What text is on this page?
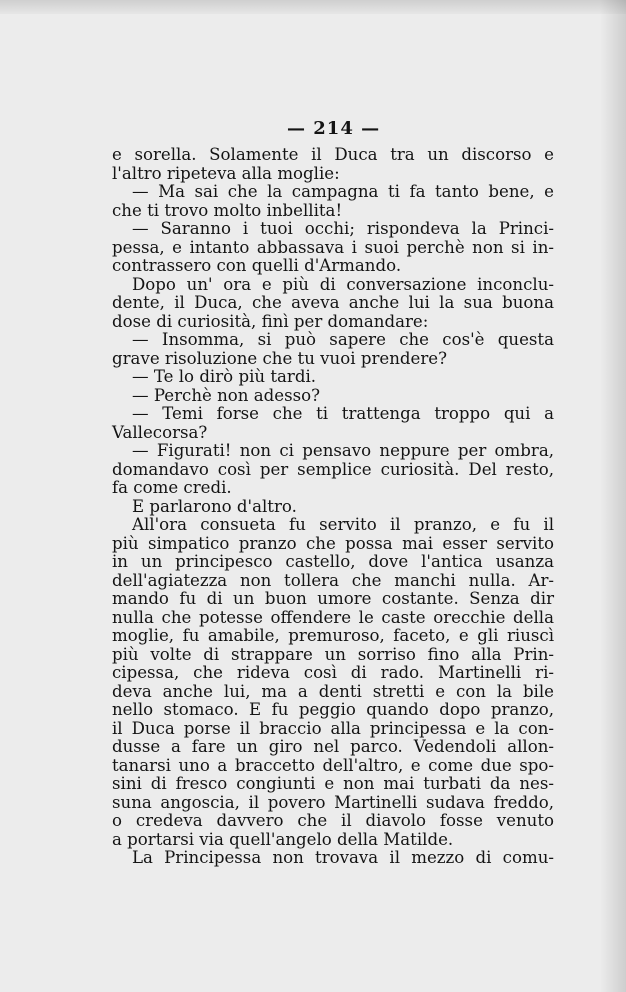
— 214 —
e sorella. Solamente il Duca tra un discorso e
l'altro ripeteva alla moglie:
— Ma sai che la campagna ti fa tanto bene, e
che ti trovo molto inbellita!
— Saranno i tuoi occhi; rispondeva la Princi-
pessa, e intanto abbassava i suoi perchè non si in-
contrassero con quelli d'Armando.
Dopo un' ora e più di conversazione inconclu-
dente, il Duca, che aveva anche lui la sua buona
dose di curiosità, finì per domandare:
— Insomma, si può sapere che cos'è questa
grave risoluzione che tu vuoi prendere?
— Te lo dirò più tardi.
— Perchè non adesso?
— Temi forse che ti trattenga troppo qui a
Vallecorsa?
— Figurati! non ci pensavo neppure per ombra,
domandavo così per semplice curiosità. Del resto,
fa come credi.
E parlarono d'altro.
All'ora consueta fu servito il pranzo, e fu il
più simpatico pranzo che possa mai esser servito
in un principesco castello, dove l'antica usanza
dell'agiatezza non tollera che manchi nulla. Ar-
mando fu di un buon umore costante. Senza dir
nulla che potesse offendere le caste orecchie della
moglie, fu amabile, premuroso, faceto, e gli riuscì
più volte di strappare un sorriso fino alla Prin-
cipessa, che rideva così di rado. Martinelli ri-
deva anche lui, ma a denti stretti e con la bile
nello stomaco. E fu peggio quando dopo pranzo,
il Duca porse il braccio alla principessa e la con-
dusse a fare un giro nel parco. Vedendoli allon-
tanarsi uno a braccetto dell'altro, e come due spo-
sini di fresco congiunti e non mai turbati da nes-
suna angoscia, il povero Martinelli sudava freddo,
o credeva davvero che il diavolo fosse venuto
a portarsi via quell'angelo della Matilde.
La Principessa non trovava il mezzo di comu-
